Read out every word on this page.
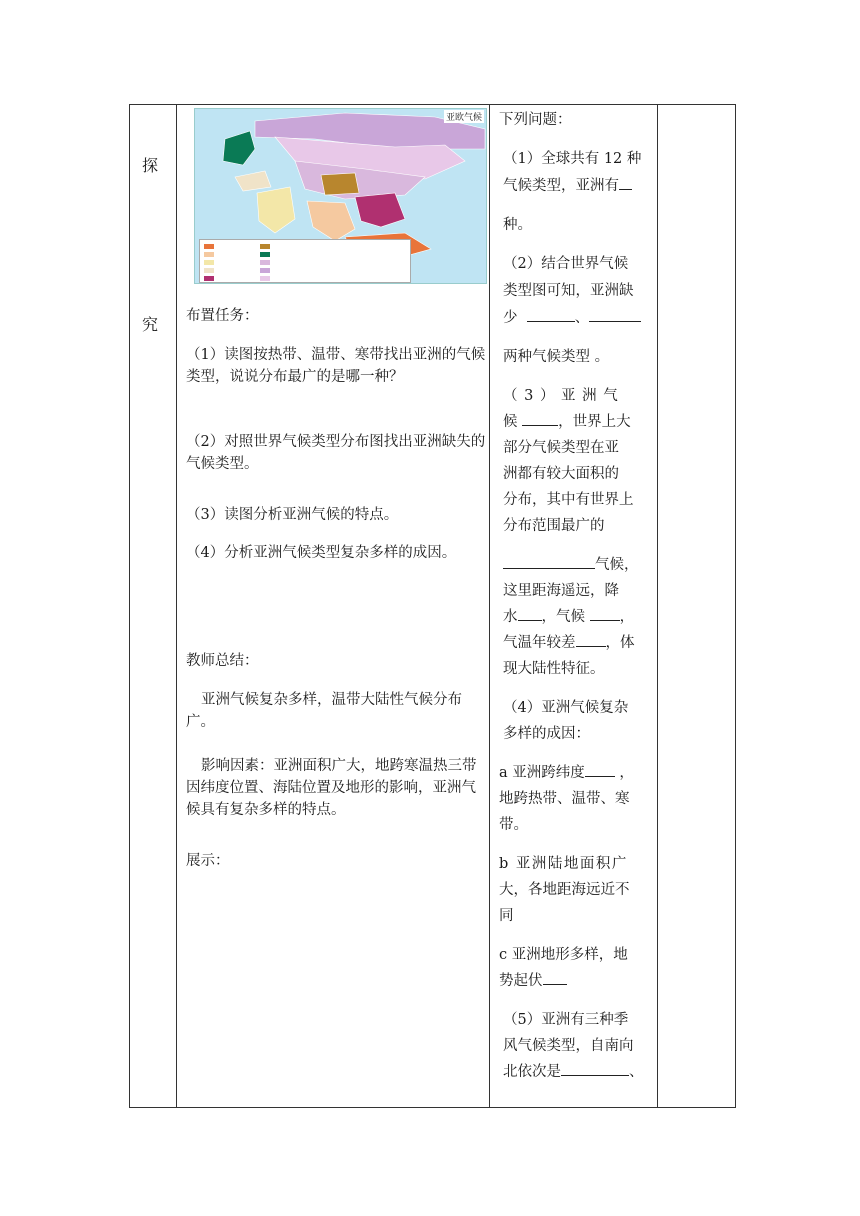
探
究
亚欧气候

布置任务：

（1）读图按热带、温带、寒带找出亚洲的气候类型，说说分布最广的是哪一种？

（2）对照世界气候类型分布图找出亚洲缺失的气候类型。

（3）读图分析亚洲气候的特点。

（4）分析亚洲气候类型复杂多样的成因。

教师总结：

亚洲气候复杂多样，温带大陆性气候分布广。

影响因素：亚洲面积广大，地跨寒温热三带因纬度位置、海陆位置及地形的影响，亚洲气候具有复杂多样的特点。

展示：

下列问题：

（1）全球共有 12 种

气候类型，亚洲有

种。

（2）结合世界气候

类型图可知，亚洲缺

少	、

两种气候类型 。

（ 3 ） 亚 洲 气

候	，世界上大

部分气候类型在亚

洲都有较大面积的

分布，其中有世界上

分布范围最广的

气候，

这里距海遥远，降

水 ，气候 ，

气温年较差 ，体

现大陆性特征。

（4）亚洲气候复杂

多样的成因：

a 亚洲跨纬度 ，

地跨热带、温带、寒

带。

b 亚洲陆地面积广

大，各地距海远近不

同

c 亚洲地形多样，地

势起伏

（5）亚洲有三种季

风气候类型，自南向

北依次是	、
